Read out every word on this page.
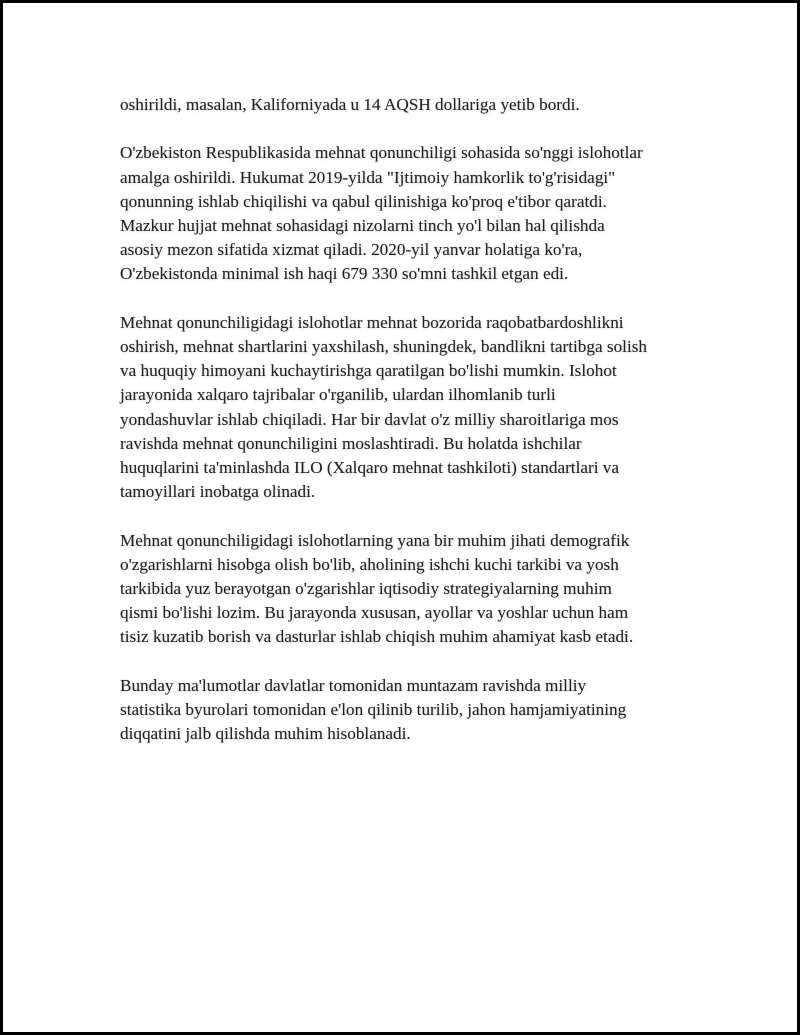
oshirildi, masalan, Kaliforniyada u 14 AQSH dollariga yetib bordi.

O'zbekiston Respublikasida mehnat qonunchiligi sohasida so'nggi islohotlar
amalga oshirildi. Hukumat 2019-yilda "Ijtimoiy hamkorlik to'g'risidagi"
qonunning ishlab chiqilishi va qabul qilinishiga ko'proq e'tibor qaratdi.
Mazkur hujjat mehnat sohasidagi nizolarni tinch yo'l bilan hal qilishda
asosiy mezon sifatida xizmat qiladi. 2020-yil yanvar holatiga ko'ra,
O'zbekistonda minimal ish haqi 679 330 so'mni tashkil etgan edi.

Mehnat qonunchiligidagi islohotlar mehnat bozorida raqobatbardoshlikni
oshirish, mehnat shartlarini yaxshilash, shuningdek, bandlikni tartibga solish
va huquqiy himoyani kuchaytirishga qaratilgan bo'lishi mumkin. Islohot
jarayonida xalqaro tajribalar o'rganilib, ulardan ilhomlanib turli
yondashuvlar ishlab chiqiladi. Har bir davlat o'z milliy sharoitlariga mos
ravishda mehnat qonunchiligini moslashtiradi. Bu holatda ishchilar
huquqlarini ta'minlashda ILO (Xalqaro mehnat tashkiloti) standartlari va
tamoyillari inobatga olinadi.

Mehnat qonunchiligidagi islohotlarning yana bir muhim jihati demografik
o'zgarishlarni hisobga olish bo'lib, aholining ishchi kuchi tarkibi va yosh
tarkibida yuz berayotgan o'zgarishlar iqtisodiy strategiyalarning muhim
qismi bo'lishi lozim. Bu jarayonda xususan, ayollar va yoshlar uchun ham
tisiz kuzatib borish va dasturlar ishlab chiqish muhim ahamiyat kasb etadi.

Bunday ma'lumotlar davlatlar tomonidan muntazam ravishda milliy
statistika byurolari tomonidan e'lon qilinib turilib, jahon hamjamiyatining
diqqatini jalb qilishda muhim hisoblanadi.
